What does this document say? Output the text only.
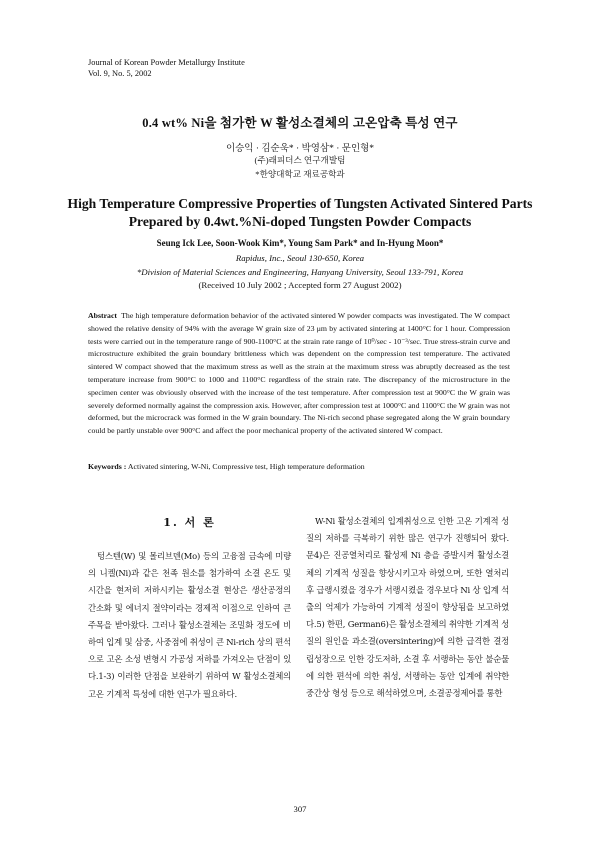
Journal of Korean Powder Metallurgy Institute
Vol. 9, No. 5, 2002
0.4 wt% Ni을 첨가한 W 활성소결체의 고온압축 특성 연구
이승익 · 김순욱* · 박영삼* · 문인형*
(주)래피더스 연구개발팀
*한양대학교 재료공학과
High Temperature Compressive Properties of Tungsten Activated Sintered Parts Prepared by 0.4wt.%Ni-doped Tungsten Powder Compacts
Seung Ick Lee, Soon-Wook Kim*, Young Sam Park* and In-Hyung Moon*
Rapidus, Inc., Seoul 130-650, Korea
*Division of Material Sciences and Engineering, Hanyang University, Seoul 133-791, Korea
(Received 10 July 2002 ; Accepted form 27 August 2002)
Abstract The high temperature deformation behavior of the activated sintered W powder compacts was investigated. The W compact showed the relative density of 94% with the average W grain size of 23 μm by activated sintering at 1400°C for 1 hour. Compression tests were carried out in the temperature range of 900-1100°C at the strain rate range of 10⁰/sec - 10⁻³/sec. True stress-strain curve and microstructure exhibited the grain boundary brittleness which was dependent on the compression test temperature. The activated sintered W compact showed that the maximum stress as well as the strain at the maximum stress was abruptly decreased as the test temperature increase from 900°C to 1000 and 1100°C regardless of the strain rate. The discrepancy of the microstructure in the specimen center was obviously observed with the increase of the test temperature. After compression test at 900°C the W grain was severely deformed normally against the compression axis. However, after compression test at 1000°C and 1100°C the W grain was not deformed, but the microcrack was formed in the W grain boundary. The Ni-rich second phase segregated along the W grain boundary could be partly unstable over 900°C and affect the poor mechanical property of the activated sintered W compact.
Keywords : Activated sintering, W-Ni, Compressive test, High temperature deformation
1. 서 론

텅스텐(W) 및 몰리브덴(Mo) 등의 고융점 금속에 미량의 니켈(Ni)과 같은 천족 원소를 첨가하여 소결 온도 및 시간을 현저히 저하시키는 활성소결 현상은 생산공정의 간소화 및 에너지 절약이라는 경제적 이점으로 인하여 큰 주목을 받아왔다. 그러나 활성소결체는 조밀화 정도에 비하여 입계 및 삼중, 사중점에 취성이 큰 Ni-rich 상의 편석으로 고온 소성 변형시 가공성 저하를 가져오는 단점이 있다.1-3) 이러한 단점을 보완하기 위하여 W 활성소결체의 고온 기계적 특성에 대한 연구가 필요하다.

W-Ni 활성소결체의 입계취성으로 인한 고온 기계적 성질의 저하를 극복하기 위한 많은 연구가 진행되어 왔다. 문4)은 진공열처리로 활성제 Ni 층을 증발시켜 활성소결체의 기계적 성질을 향상시키고자 하였으며, 또한 열처리 후 급랭시켰을 경우가 서랭시켰을 경우보다 Ni 상 입계 석출의 억제가 가능하여 기계적 성질이 향상됨을 보고하였다.5) 한편, German6)은 활성소결체의 취약한 기계적 성질의 원인을 과소결(oversintering)에 의한 급격한 결정립성장으로 인한 강도저하, 소결 후 서랭하는 동안 불순물에 의한 편석에 의한 취성, 서랭하는 동안 입계에 취약한 중간상 형성 등으로 해석하였으며, 소결공정제어를 통한

307
